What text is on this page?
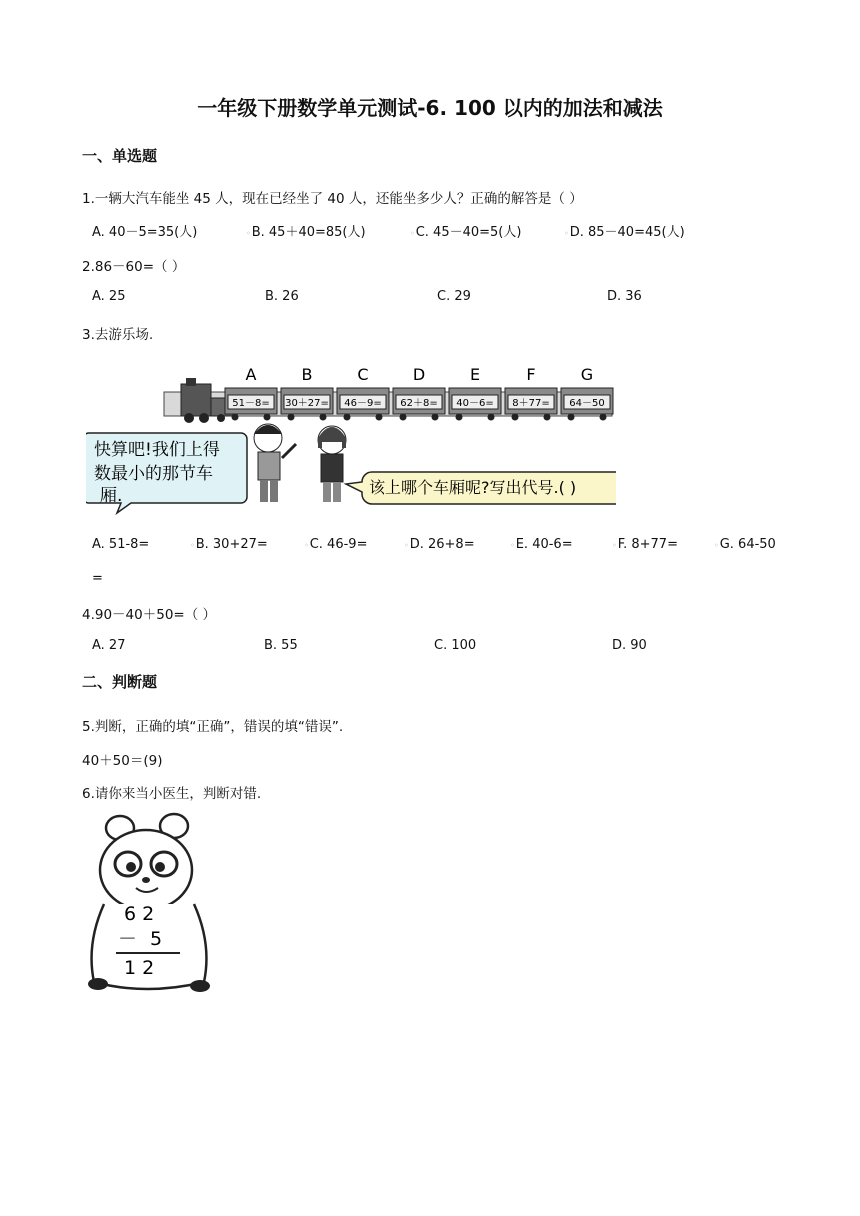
一年级下册数学单元测试-6. 100 以内的加法和减法
一、单选题
1.一辆大汽车能坐 45 人，现在已经坐了 40 人，还能坐多少人？正确的解答是（ ）
A. 40－5=35(人)	◦B. 45＋40=85(人)	◦C. 45－40=5(人)	◦D. 85－40=45(人)
2.86－60=（ ）
A. 25	B. 26	C. 29	D. 36
3.去游乐场.
51－8=
A
30＋27=
B
46－9=
C
62＋8=
D
40－6=
E
8＋77=
F
64－50
G
快算吧!我们上得
数最小的那节车
厢.	该上哪个车厢呢?写出代号.( )
A. 51-8=	◦B. 30+27=	◦C. 46-9=	◦D. 26+8=	◦E. 40-6=	◦F. 8+77=	◦G. 64-50
=
4.90－40＋50=（ ）
A. 27	B. 55	C. 100	D. 90
二、判断题
5.判断，正确的填“正确”，错误的填“错误”.
40＋50＝(9)
6.请你来当小医生，判断对错.
6 2
－ 5
1 2
